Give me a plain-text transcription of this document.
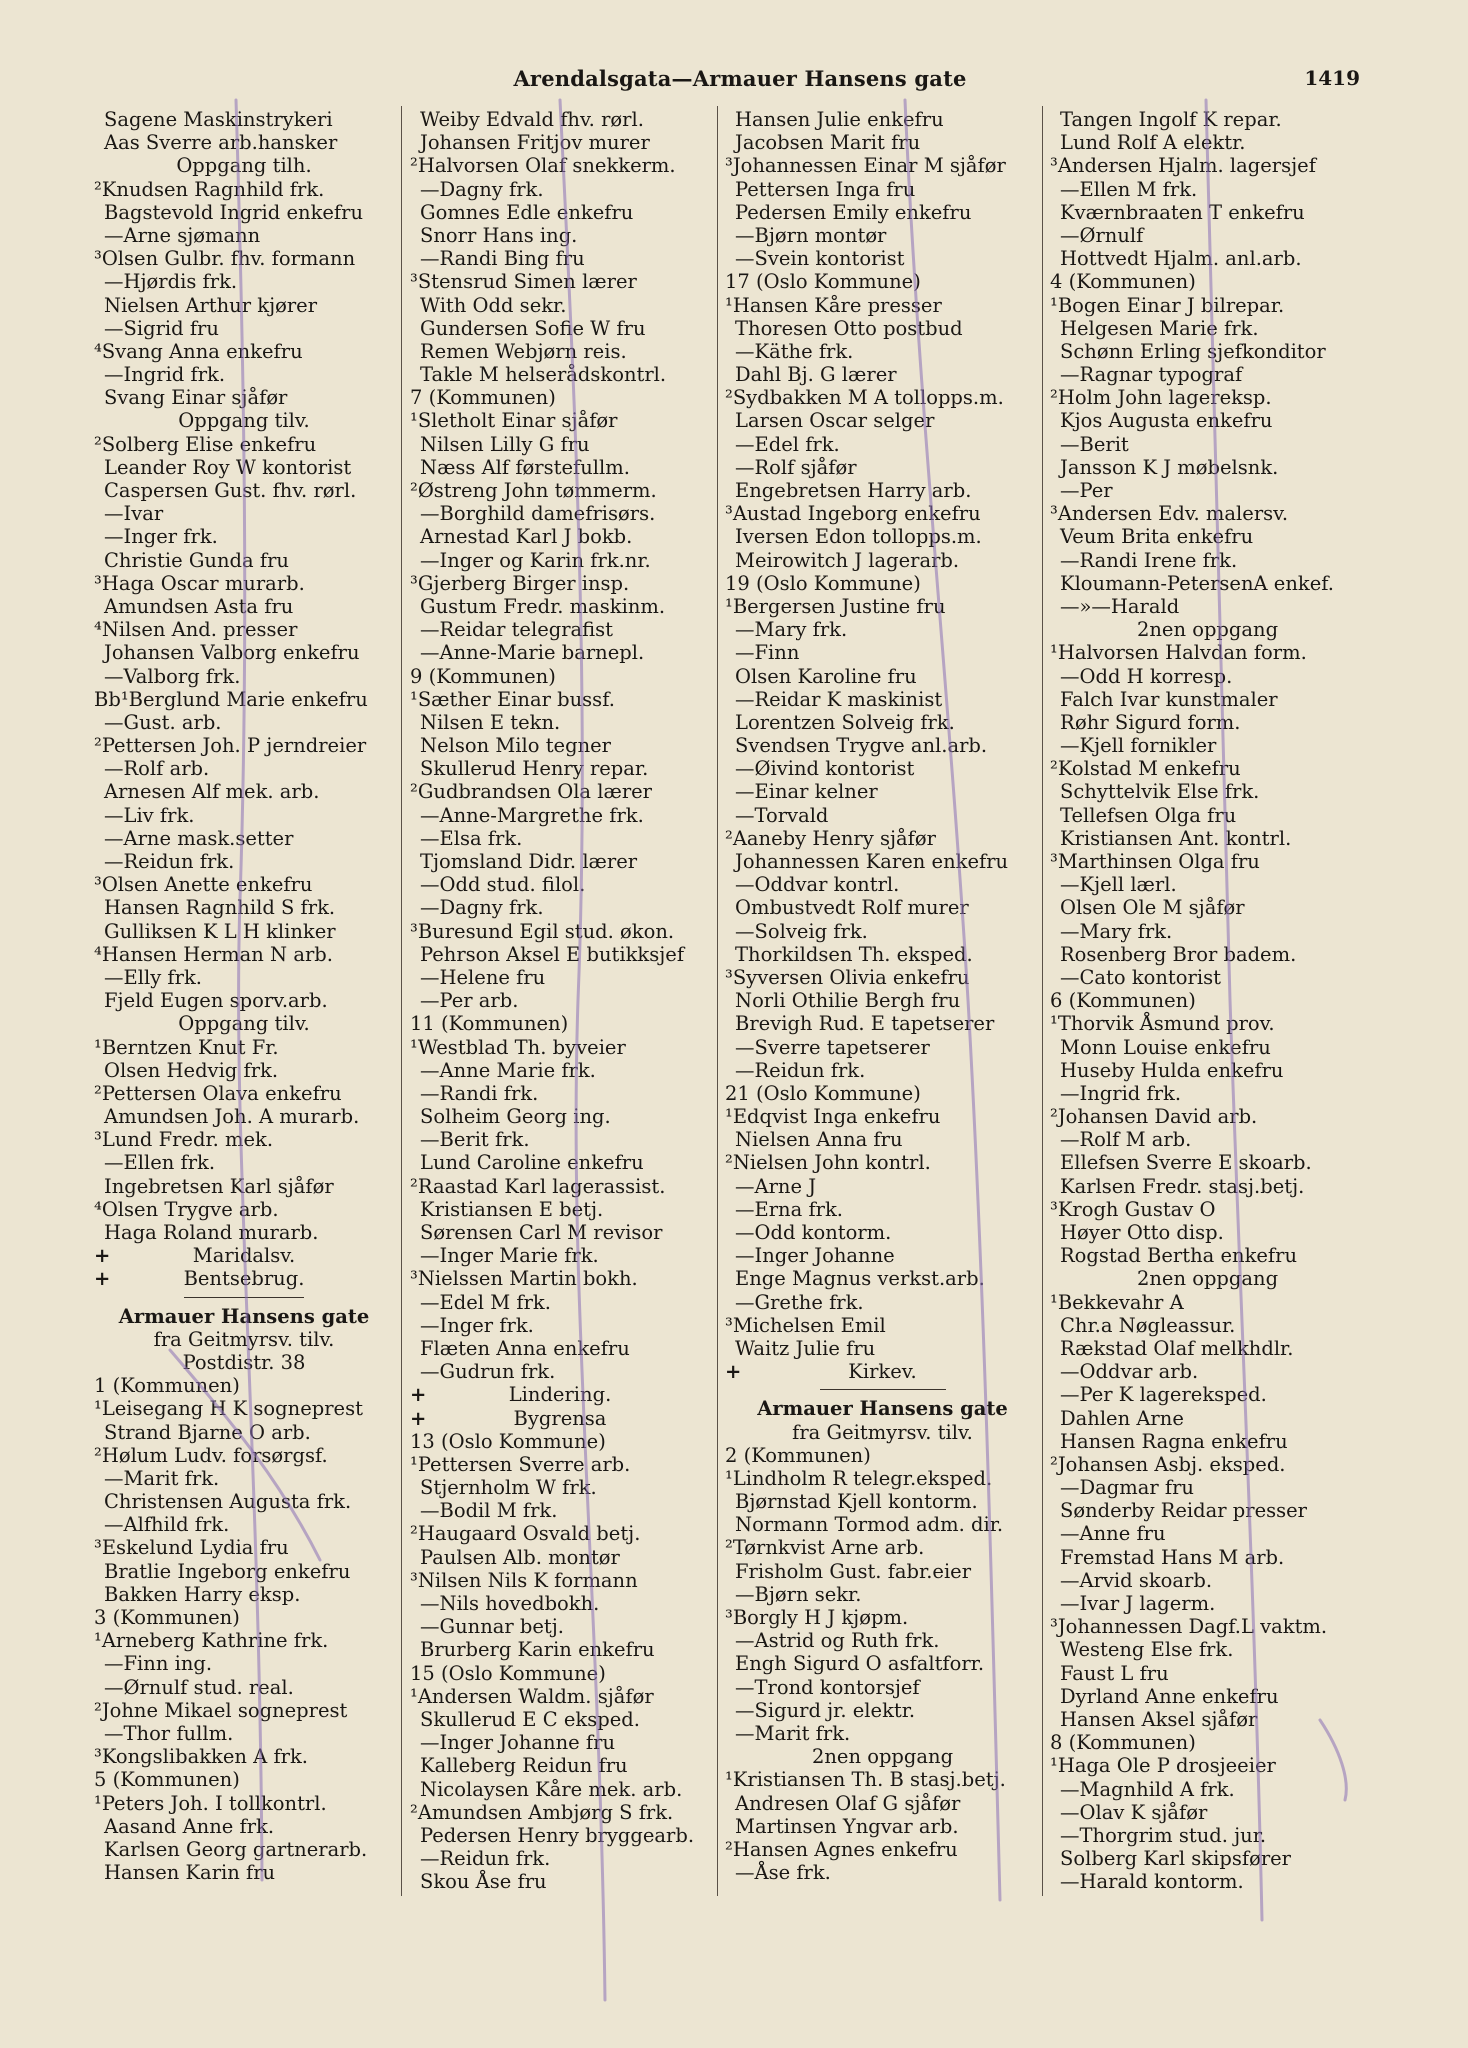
Arendalsgata—Armauer Hansens gate	1419
Sagene Maskinstrykeri
Aas Sverre arb.hansker
Oppgang tilh.
²Knudsen Ragnhild frk.
Bagstevold Ingrid enkefru
—Arne sjømann
³Olsen Gulbr. fhv. formann
—Hjørdis frk.
Nielsen Arthur kjører
—Sigrid fru
⁴Svang Anna enkefru
—Ingrid frk.
Svang Einar sjåfør
Oppgang tilv.
²Solberg Elise enkefru
Leander Roy W kontorist
Caspersen Gust. fhv. rørl.
—Ivar
—Inger frk.
Christie Gunda fru
³Haga Oscar murarb.
Amundsen Asta fru
⁴Nilsen And. presser
Johansen Valborg enkefru
—Valborg frk.
Bb¹Berglund Marie enkefru
—Gust. arb.
²Pettersen Joh. P jerndreier
—Rolf arb.
Arnesen Alf mek. arb.
—Liv frk.
—Arne mask.setter
—Reidun frk.
³Olsen Anette enkefru
Hansen Ragnhild S frk.
Gulliksen K L H klinker
⁴Hansen Herman N arb.
—Elly frk.
Fjeld Eugen sporv.arb.
Oppgang tilv.
¹Berntzen Knut Fr.
Olsen Hedvig frk.
²Pettersen Olava enkefru
Amundsen Joh. A murarb.
³Lund Fredr. mek.
—Ellen frk.
Ingebretsen Karl sjåfør
⁴Olsen Trygve arb.
Haga Roland murarb.
+	Maridalsv.
+	Bentsebrug.
Armauer Hansens gate
fra Geitmyrsv. tilv.
Postdistr. 38
1 (Kommunen)
¹Leisegang H K sogneprest
Strand Bjarne O arb.
²Hølum Ludv. forsørgsf.
—Marit frk.
Christensen Augusta frk.
—Alfhild frk.
³Eskelund Lydia fru
Bratlie Ingeborg enkefru
Bakken Harry eksp.
3 (Kommunen)
¹Arneberg Kathrine frk.
—Finn ing.
—Ørnulf stud. real.
²Johne Mikael sogneprest
—Thor fullm.
³Kongslibakken A frk.
5 (Kommunen)
¹Peters Joh. I tollkontrl.
Aasand Anne frk.
Karlsen Georg gartnerarb.
Hansen Karin fru
Weiby Edvald fhv. rørl.
Johansen Fritjov murer
²Halvorsen Olaf snekkerm.
—Dagny frk.
Gomnes Edle enkefru
Snorr Hans ing.
—Randi Bing fru
³Stensrud Simen lærer
With Odd sekr.
Gundersen Sofie W fru
Remen Webjørn reis.
Takle M helserådskontrl.
7 (Kommunen)
¹Sletholt Einar sjåfør
Nilsen Lilly G fru
Næss Alf førstefullm.
²Østreng John tømmerm.
—Borghild damefrisørs.
Arnestad Karl J bokb.
—Inger og Karin frk.nr.
³Gjerberg Birger insp.
Gustum Fredr. maskinm.
—Reidar telegrafist
—Anne-Marie barnepl.
9 (Kommunen)
¹Sæther Einar bussf.
Nilsen E tekn.
Nelson Milo tegner
Skullerud Henry repar.
²Gudbrandsen Ola lærer
—Anne-Margrethe frk.
—Elsa frk.
Tjomsland Didr. lærer
—Odd stud. filol.
—Dagny frk.
³Buresund Egil stud. økon.
Pehrson Aksel E butikksjef
—Helene fru
—Per arb.
11 (Kommunen)
¹Westblad Th. byveier
—Anne Marie frk.
—Randi frk.
Solheim Georg ing.
—Berit frk.
Lund Caroline enkefru
²Raastad Karl lagerassist.
Kristiansen E betj.
Sørensen Carl M revisor
—Inger Marie frk.
³Nielssen Martin bokh.
—Edel M frk.
—Inger frk.
Flæten Anna enkefru
—Gudrun frk.
+	Lindering.
+	Bygrensa
13 (Oslo Kommune)
¹Pettersen Sverre arb.
Stjernholm W frk.
—Bodil M frk.
²Haugaard Osvald betj.
Paulsen Alb. montør
³Nilsen Nils K formann
—Nils hovedbokh.
—Gunnar betj.
Brurberg Karin enkefru
15 (Oslo Kommune)
¹Andersen Waldm. sjåfør
Skullerud E C eksped.
—Inger Johanne fru
Kalleberg Reidun fru
Nicolaysen Kåre mek. arb.
²Amundsen Ambjørg S frk.
Pedersen Henry bryggearb.
—Reidun frk.
Skou Åse fru
Hansen Julie enkefru
Jacobsen Marit fru
³Johannessen Einar M sjåfør
Pettersen Inga fru
Pedersen Emily enkefru
—Bjørn montør
—Svein kontorist
17 (Oslo Kommune)
¹Hansen Kåre presser
Thoresen Otto postbud
—Käthe frk.
Dahl Bj. G lærer
²Sydbakken M A tollopps.m.
Larsen Oscar selger
—Edel frk.
—Rolf sjåfør
Engebretsen Harry arb.
³Austad Ingeborg enkefru
Iversen Edon tollopps.m.
Meirowitch J lagerarb.
19 (Oslo Kommune)
¹Bergersen Justine fru
—Mary frk.
—Finn
Olsen Karoline fru
—Reidar K maskinist
Lorentzen Solveig frk.
Svendsen Trygve anl.arb.
—Øivind kontorist
—Einar kelner
—Torvald
²Aaneby Henry sjåfør
Johannessen Karen enkefru
—Oddvar kontrl.
Ombustvedt Rolf murer
—Solveig frk.
Thorkildsen Th. eksped.
³Syversen Olivia enkefru
Norli Othilie Bergh fru
Brevigh Rud. E tapetserer
—Sverre tapetserer
—Reidun frk.
21 (Oslo Kommune)
¹Edqvist Inga enkefru
Nielsen Anna fru
²Nielsen John kontrl.
—Arne J
—Erna frk.
—Odd kontorm.
—Inger Johanne
Enge Magnus verkst.arb.
—Grethe frk.
³Michelsen Emil
Waitz Julie fru
+	Kirkev.
Armauer Hansens gate
fra Geitmyrsv. tilv.
2 (Kommunen)
¹Lindholm R telegr.eksped.
Bjørnstad Kjell kontorm.
Normann Tormod adm. dir.
²Tørnkvist Arne arb.
Frisholm Gust. fabr.eier
—Bjørn sekr.
³Borgly H J kjøpm.
—Astrid og Ruth frk.
Engh Sigurd O asfaltforr.
—Trond kontorsjef
—Sigurd jr. elektr.
—Marit frk.
2nen oppgang
¹Kristiansen Th. B stasj.betj.
Andresen Olaf G sjåfør
Martinsen Yngvar arb.
²Hansen Agnes enkefru
—Åse frk.
Tangen Ingolf K repar.
Lund Rolf A elektr.
³Andersen Hjalm. lagersjef
—Ellen M frk.
Kværnbraaten T enkefru
—Ørnulf
Hottvedt Hjalm. anl.arb.
4 (Kommunen)
¹Bogen Einar J bilrepar.
Helgesen Marie frk.
Schønn Erling sjefkonditor
—Ragnar typograf
²Holm John lagereksp.
Kjos Augusta enkefru
—Berit
Jansson K J møbelsnk.
—Per
³Andersen Edv. malersv.
Veum Brita enkefru
—Randi Irene frk.
Kloumann-PetersenA enkef.
—»—Harald
2nen oppgang
¹Halvorsen Halvdan form.
—Odd H korresp.
Falch Ivar kunstmaler
Røhr Sigurd form.
—Kjell fornikler
²Kolstad M enkefru
Schyttelvik Else frk.
Tellefsen Olga fru
Kristiansen Ant. kontrl.
³Marthinsen Olga fru
—Kjell lærl.
Olsen Ole M sjåfør
—Mary frk.
Rosenberg Bror badem.
—Cato kontorist
6 (Kommunen)
¹Thorvik Åsmund prov.
Monn Louise enkefru
Huseby Hulda enkefru
—Ingrid frk.
²Johansen David arb.
—Rolf M arb.
Ellefsen Sverre E skoarb.
Karlsen Fredr. stasj.betj.
³Krogh Gustav O
Høyer Otto disp.
Rogstad Bertha enkefru
2nen oppgang
¹Bekkevahr A
Chr.a Nøgleassur.
Rækstad Olaf melkhdlr.
—Oddvar arb.
—Per K lagereksped.
Dahlen Arne
Hansen Ragna enkefru
²Johansen Asbj. eksped.
—Dagmar fru
Sønderby Reidar presser
—Anne fru
Fremstad Hans M arb.
—Arvid skoarb.
—Ivar J lagerm.
³Johannessen Dagf.L vaktm.
Westeng Else frk.
Faust L fru
Dyrland Anne enkefru
Hansen Aksel sjåfør
8 (Kommunen)
¹Haga Ole P drosjeeier
—Magnhild A frk.
—Olav K sjåfør
—Thorgrim stud. jur.
Solberg Karl skipsfører
—Harald kontorm.
